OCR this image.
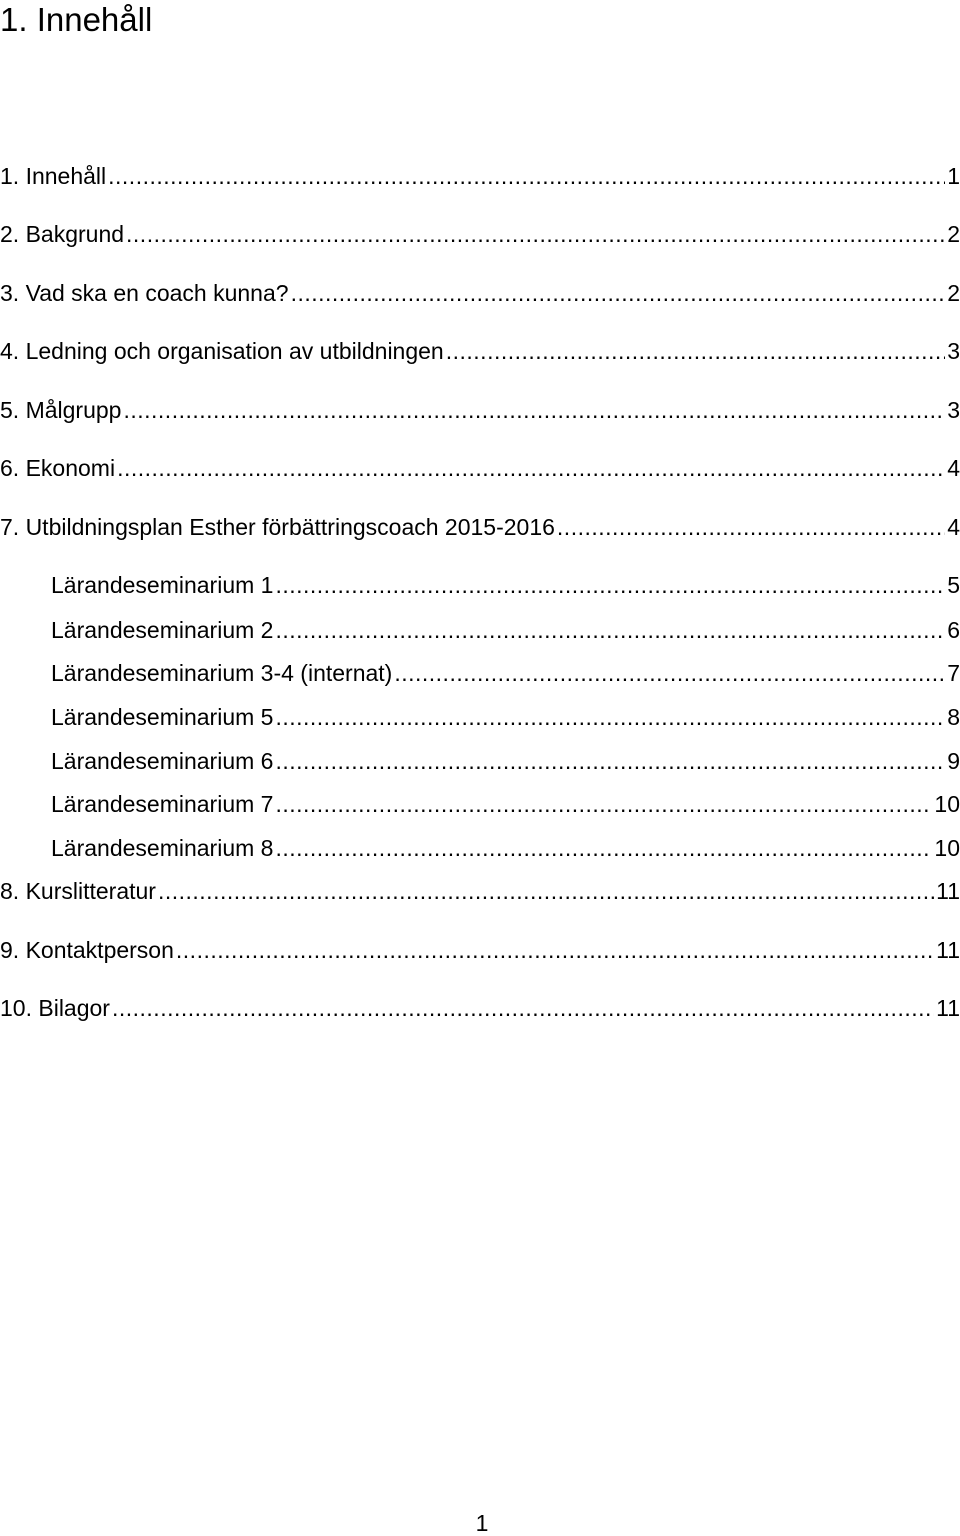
1. Innehåll
1. Innehåll .....	1
2. Bakgrund .....	2
3. Vad ska en coach kunna? .....	2
4. Ledning och organisation av utbildningen .....	3
5. Målgrupp .....	3
6. Ekonomi .....	4
7. Utbildningsplan Esther förbättringscoach 2015-2016 .....	4
Lärandeseminarium 1 .....	5
Lärandeseminarium 2 .....	6
Lärandeseminarium 3-4 (internat) .....	7
Lärandeseminarium 5 .....	8
Lärandeseminarium 6 .....	9
Lärandeseminarium 7 .....	10
Lärandeseminarium 8 .....	10
8. Kurslitteratur .....	11
9. Kontaktperson .....	11
10. Bilagor .....	11
1
